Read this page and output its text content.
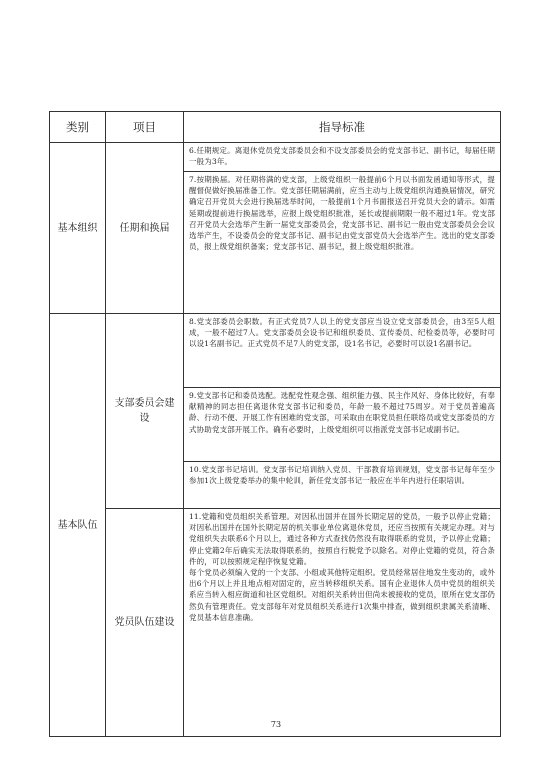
类别	项目	指导标准
基本组织	任期和换届	6.任期规定。离退休党员党支部委员会和不设支部委员会的党支部书记、副书记，每届任期一般为3年。

		7.按期换届。对任期将满的党支部，上级党组织一般提前6个月以书面发函通知等形式，提醒督促做好换届准备工作。党支部任期届满前，应当主动与上级党组织沟通换届情况，研究确定召开党员大会进行换届选举时间，一般提前1个月书面报送召开党员大会的请示。如需延期或提前进行换届选举，应报上级党组织批准，延长或提前期限一般不超过1年。党支部召开党员大会选举产生新一届党支部委员会，党支部书记、副书记一般由党支部委员会会议选举产生，不设委员会的党支部书记、副书记由党支部党员大会选举产生。选出的党支部委员，报上级党组织备案；党支部书记、副书记，报上级党组织批准。

基本队伍	支部委员会建设	8.党支部委员会职数。有正式党员7人以上的党支部应当设立党支部委员会，由3至5人组成，一般不超过7人。党支部委员会设书记和组织委员、宣传委员、纪检委员等，必要时可以设1名副书记。正式党员不足7人的党支部，设1名书记，必要时可以设1名副书记。

		9.党支部书记和委员选配。选配党性观念强、组织能力强、民主作风好、身体比较好，有奉献精神的同志担任离退休党支部书记和委员，年龄一般不超过75周岁。对于党员普遍高龄、行动不便、开展工作有困难的党支部，可采取由在职党员担任联络员或党支部委员的方式协助党支部开展工作。确有必要时，上级党组织可以指派党支部书记或副书记。

		10.党支部书记培训。党支部书记培训纳入党员、干部教育培训规划，党支部书记每年至少参加1次上级党委举办的集中轮训，新任党支部书记一般应在半年内进行任职培训。

	党员队伍建设	11.党籍和党员组织关系管理。对因私出国并在国外长期定居的党员，一般予以停止党籍；对因私出国并在国外长期定居的机关事业单位离退休党员，还应当按照有关规定办理。对与党组织失去联系6个月以上，通过各种方式查找仍然没有取得联系的党员，予以停止党籍；停止党籍2年后确实无法取得联系的，按照自行脱党予以除名。对停止党籍的党员，符合条件的，可以按照规定程序恢复党籍。

每个党员必须编入党的一个支部、小组或其他特定组织。党员经常居住地发生变动的，或外出6个月以上并且地点相对固定的，应当转移组织关系。国有企业退休人员中党员的组织关系应当转入相应街道和社区党组织。对组织关系转出但尚未被接收的党员，原所在党支部仍然负有管理责任。党支部每年对党员组织关系进行1次集中排查，做到组织隶属关系清晰、党员基本信息准确。

73
